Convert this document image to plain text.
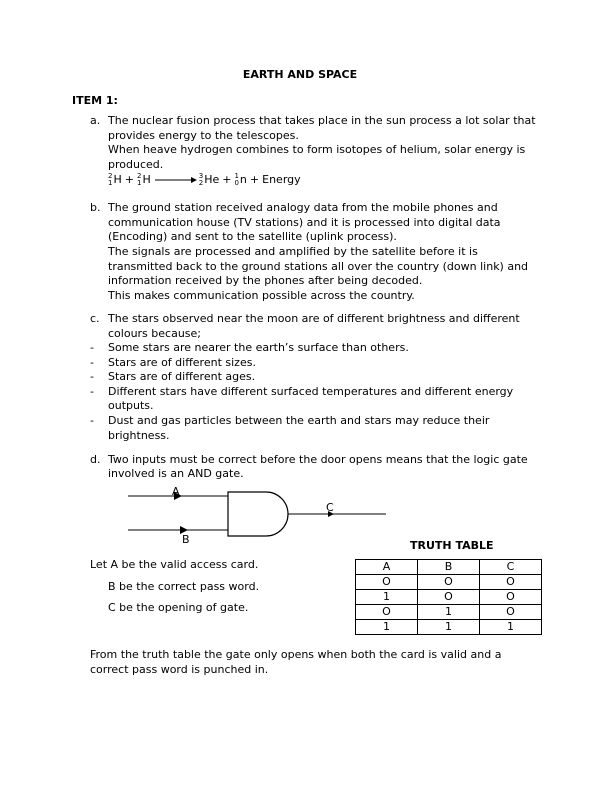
EARTH AND SPACE
ITEM 1:
a. The nuclear fusion process that takes place in the sun process a lot solar that
provides energy to the telescopes.
When heave hydrogen combines to form isotopes of helium, solar energy is
produced.
2
1 H + 2
1 H → 3
2 He + 1
0 n + Energy
b. The ground station received analogy data from the mobile phones and
communication house (TV stations) and it is processed into digital data
(Encoding) and sent to the satellite (uplink process).
The signals are processed and amplified by the satellite before it is
transmitted back to the ground stations all over the country (down link) and
information received by the phones after being decoded.
This makes communication possible across the country.
c. The stars observed near the moon are of different brightness and different
colours because;
- Some stars are nearer the earth’s surface than others.
- Stars are of different sizes.
- Stars are of different ages.
- Different stars have different surfaced temperatures and different energy
outputs.
- Dust and gas particles between the earth and stars may reduce their
brightness.
d. Two inputs must be correct before the door opens means that the logic gate
involved is an AND gate.
A
B
C
Let A be the valid access card.
B be the correct pass word.
C be the opening of gate.
TRUTH TABLE
A	B	C
O	O	O
1	O	O
O	1	O
1	1	1
From the truth table the gate only opens when both the card is valid and a
correct pass word is punched in.
